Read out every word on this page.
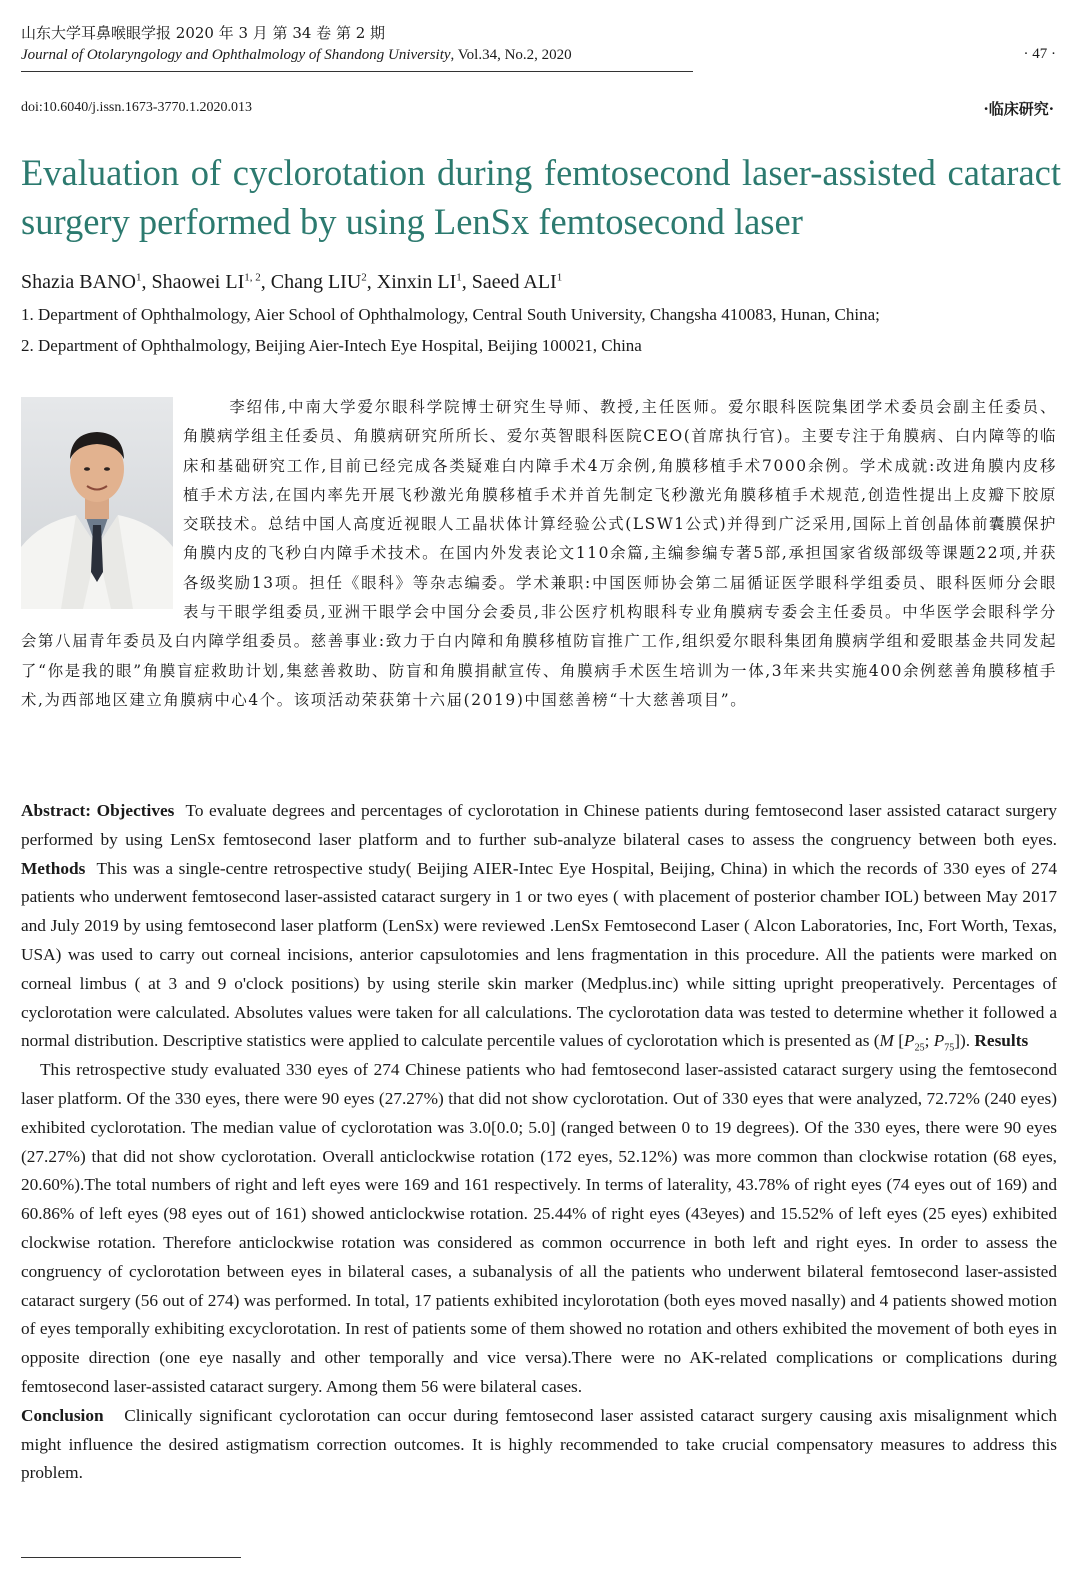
山东大学耳鼻喉眼学报 2020 年 3 月 第 34 卷 第 2 期
Journal of Otolaryngology and Ophthalmology of Shandong University, Vol.34, No.2, 2020	· 47 ·
doi:10.6040/j.issn.1673-3770.1.2020.013	·临床研究·
Evaluation of cyclorotation during femtosecond laser-assisted cataract surgery performed by using LenSx femtosecond laser
Shazia BANO$^1$, Shaowei LI$^{1, 2}$, Chang LIU$^2$, Xinxin $LI^1$, Saeed ALI$^1$
1. Department of Ophthalmology, Aier School of Ophthalmology, Central South University, Changsha 410083, Hunan, China;
2. Department of Ophthalmology, Beijing Aier-Intech Eye Hospital, Beijing 100021, China
李绍伟,中南大学爱尔眼科学院博士研究生导师、教授,主任医师。爱尔眼科医院集团学术委员会副主任委员、角膜病学组主任委员、角膜病研究所所长、爱尔英智眼科医院CEO(首席执行官)。主要专注于角膜病、白内障等的临床和基础研究工作,目前已经完成各类疑难白内障手术4万余例,角膜移植手术7000余例。学术成就:改进角膜内皮移植手术方法,在国内率先开展飞秒激光角膜移植手术并首先制定飞秒激光角膜移植手术规范,创造性提出上皮瓣下胶原交联技术。总结中国人高度近视眼人工晶状体计算经验公式(LSW1公式)并得到广泛采用,国际上首创晶体前囊膜保护角膜内皮的飞秒白内障手术技术。在国内外发表论文110余篇,主编参编专著5部,承担国家省级部级等课题22项,并获各级奖励13项。担任《眼科》等杂志编委。学术兼职:中国医师协会第二届循证医学眼科学组委员、眼科医师分会眼表与干眼学组委员,亚洲干眼学会中国分会委员,非公医疗机构眼科专业角膜病专委会主任委员。中华医学会眼科学分会第八届青年委员及白内障学组委员。慈善事业:致力于白内障和角膜移植防盲推广工作,组织爱尔眼科集团角膜病学组和爱眼基金共同发起了“你是我的眼”角膜盲症救助计划,集慈善救助、防盲和角膜捐献宣传、角膜病手术医生培训为一体,3年来共实施400余例慈善角膜移植手术,为西部地区建立角膜病中心4个。该项活动荣获第十六届(2019)中国慈善榜“十大慈善项目”。
Abstract: Objectives To evaluate degrees and percentages of cyclorotation in Chinese patients during femtosecond laser assisted cataract surgery performed by using LenSx femtosecond laser platform and to further sub-analyze bilateral cases to assess the congruency between both eyes. Methods This was a single-centre retrospective study( Beijing AIER-Intec Eye Hospital, Beijing, China) in which the records of 330 eyes of 274 patients who underwent femtosecond laser-assisted cataract surgery in 1 or two eyes ( with placement of posterior chamber IOL) between May 2017 and July 2019 by using femtosecond laser platform (LenSx) were reviewed .LenSx Femtosecond Laser ( Alcon Laboratories, Inc, Fort Worth, Texas, USA) was used to carry out corneal incisions, anterior capsulotomies and lens fragmentation in this procedure. All the patients were marked on corneal limbus ( at 3 and 9 o'clock positions) by using sterile skin marker (Medplus.inc) while sitting upright preoperatively. Percentages of cyclorotation were calculated. Absolutes values were taken for all calculations. The cyclorotation data was tested to determine whether it followed a normal distribution. Descriptive statistics were applied to calculate percentile values of cyclorotation which is presented as (M [$P_{25}$; $P_{75}$]). Results
This retrospective study evaluated 330 eyes of 274 Chinese patients who had femtosecond laser-assisted cataract surgery using the femtosecond laser platform. Of the 330 eyes, there were 90 eyes (27.27%) that did not show cyclorotation. Out of 330 eyes that were analyzed, 72.72% (240 eyes) exhibited cyclorotation. The median value of cyclorotation was 3.0[0.0; 5.0] (ranged between 0 to 19 degrees). Of the 330 eyes, there were 90 eyes (27.27%) that did not show cyclorotation. Overall anticlockwise rotation (172 eyes, 52.12%) was more common than clockwise rotation (68 eyes, 20.60%).The total numbers of right and left eyes were 169 and 161 respectively. In terms of laterality, 43.78% of right eyes (74 eyes out of 169) and 60.86% of left eyes (98 eyes out of 161) showed anticlockwise rotation. 25.44% of right eyes (43eyes) and 15.52% of left eyes (25 eyes) exhibited clockwise rotation. Therefore anticlockwise rotation was considered as common occurrence in both left and right eyes. In order to assess the congruency of cyclorotation between eyes in bilateral cases, a subanalysis of all the patients who underwent bilateral femtosecond laser-assisted cataract surgery (56 out of 274) was performed. In total, 17 patients exhibited incylorotation (both eyes moved nasally) and 4 patients showed motion of eyes temporally exhibiting excyclorotation. In rest of patients some of them showed no rotation and others exhibited the movement of both eyes in opposite direction (one eye nasally and other temporally and vice versa).There were no AK-related complications or complications during femtosecond laser-assisted cataract surgery. Among them 56 were bilateral cases.
Conclusion Clinically significant cyclorotation can occur during femtosecond laser assisted cataract surgery causing axis misalignment which might influence the desired astigmatism correction outcomes. It is highly recommended to take crucial compensatory measures to address this problem.
